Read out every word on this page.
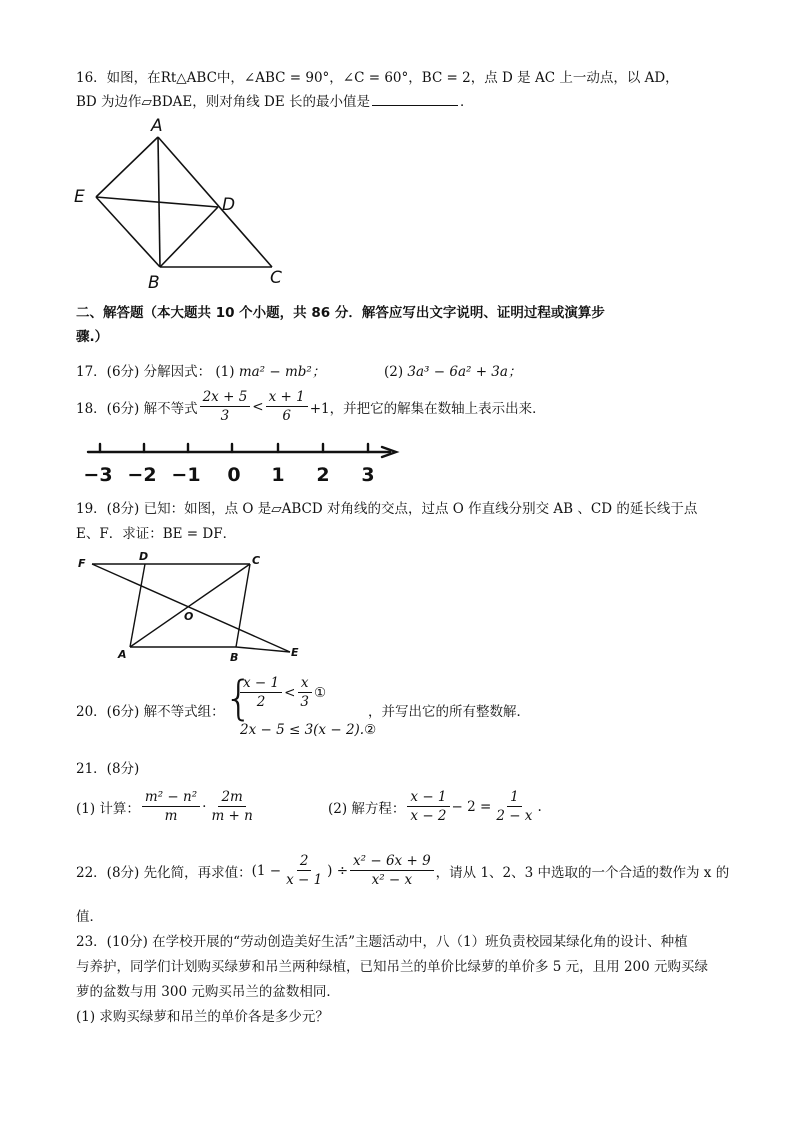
16．如图，在Rt△ABC中，∠ABC = 90°，∠C = 60°，BC = 2，点 D 是 AC 上一动点，以 AD，
BD 为边作▱BDAE，则对角线 DE 长的最小值是	．
A
E	D
B	C
二、解答题（本大题共 10 个小题，共 86 分．解答应写出文字说明、证明过程或演算步
骤.）
17．(6分) 分解因式： (1) ma² − mb²；	(2) 3a³ − 6a² + 3a；
18．(6分) 解不等式 $\frac{2x + 5}{3} < \frac{x + 1}{6} +1$，并把它的解集在数轴上表示出来．
−3 −2 −1 0 1 2 3
19．(8分) 已知：如图，点 O 是▱ABCD 对角线的交点，过点 O 作直线分别交 AB 、CD 的延长线于点
E、F．求证：BE = DF．
F
D	C
O
A	B	E
20．(6分) 解不等式组： {
$\frac{x - 1}{2} < \frac{x}{3}$ ①
2x − 5 ≤ 3(x − 2).②
，并写出它的所有整数解．
21．(8分)
(1) 计算： $\frac{\text{m² − n²}}{m} \cdot \frac{2m}{m + n}$	(2) 解方程： $\frac{x - 1}{x - 2} - 2 = \frac{1}{2 - x}$ .
22．(8分) 先化简，再求值： ($1 - \frac{2}{x - 1}$ ) ÷ $\frac{\text{x² − 6x + 9}}{\text{x² − x}}$ ，请从 1、2、3 中选取的一个合适的数作为 x 的
值．
23．(10分) 在学校开展的“劳动创造美好生活”主题活动中，八（1）班负责校园某绿化角的设计、种植
与养护，同学们计划购买绿萝和吊兰两种绿植，已知吊兰的单价比绿萝的单价多 5 元，且用 200 元购买绿
萝的盆数与用 300 元购买吊兰的盆数相同．
(1) 求购买绿萝和吊兰的单价各是多少元？
